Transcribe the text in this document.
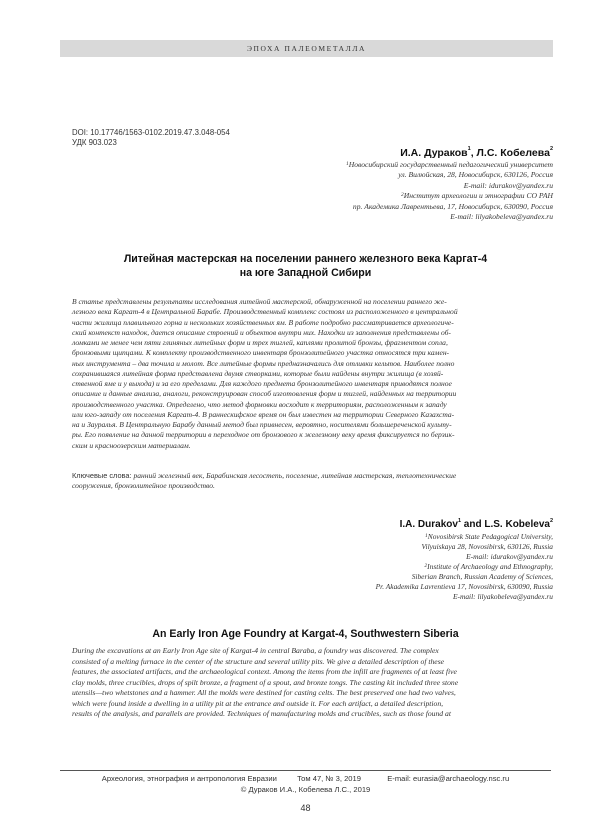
ЭПОХА ПАЛЕОМЕТАЛЛА
DOI: 10.17746/1563-0102.2019.47.3.048-054
УДК 903.023
И.А. Дураков$^1$, Л.С. Кобелева$^2$
$^1$Новосибирский государственный педагогический университет
ул. Вилюйская, 28, Новосибирск, 630126, Россия
E-mail: idurakov@yandex.ru
$^2$Институт археологии и этнографии СО РАН
пр. Академика Лаврентьева, 17, Новосибирск, 630090, Россия
E-mail: lilyakobeleva@yandex.ru
Литейная мастерская на поселении раннего железного века Каргат-4
на юге Западной Сибири
В статье представлены результаты исследования литейной мастерской, обнаруженной на поселении раннего же-
лезного века Каргат-4 в Центральной Барабе. Производственный комплекс состоял из расположенного в центральной
части жилища плавильного горна и нескольких хозяйственных ям. В работе подробно рассматривается археологиче-
ский контекст находок, дается описание строений и объектов внутри них. Находки из заполнения представлены об-
ломками не менее чем пяти глиняных литейных форм и трех тиглей, каплями пролитой бронзы, фрагментом сопла,
бронзовыми щипцами. К комплекту производственного инвентаря бронзолитейного участка относятся три камен-
ных инструмента – два точила и молот. Все литейные формы предназначались для отливки кельтов. Наиболее полно
сохранившаяся литейная форма представлена двумя створками, которые были найдены внутри жилища (в хозяй-
ственной яме и у выхода) и за его пределами. Для каждого предмета бронзолитейного инвентаря приводятся полное
описание и данные анализа, аналоги, реконструирован способ изготовления форм и тиглей, найденных на территории
производственного участка. Определено, что метод формовки восходит к территориям, расположенным к западу
или юго-западу от поселения Каргат-4. В раннескифское время он был известен на территории Северного Казахста-
на и Зауралья. В Центральную Барабу данный метод был привнесен, вероятно, носителями большереченской культу-
ры. Его появление на данной территории в переходное от бронзового к железному веку время фиксируется по берзик-
ским и красноозерским материалам.
Ключевые слова: ранний железный век, Барабинская лесостепь, поселение, литейная мастерская, теплотехнические
сооружения, бронзолитейное производство.
I.A. Durakov$^1$ and L.S. Kobeleva$^2$
$^1$Novosibirsk State Pedagogical University,
Vilyuiskaya 28, Novosibirsk, 630126, Russia
E-mail: idurakov@yandex.ru
$^2$Institute of Archaeology and Ethnography,
Siberian Branch, Russian Academy of Sciences,
Pr. Akademika Lavrentieva 17, Novosibirsk, 630090, Russia
E-mail: lilyakobeleva@yandex.ru
An Early Iron Age Foundry at Kargat-4, Southwestern Siberia
During the excavations at an Early Iron Age site of Kargat-4 in central Baraba, a foundry was discovered. The complex
consisted of a melting furnace in the center of the structure and several utility pits. We give a detailed description of these
features, the associated artifacts, and the archaeological context. Among the items from the infill are fragments of at least five
clay molds, three crucibles, drops of spilt bronze, a fragment of a spout, and bronze tongs. The casting kit included three stone
utensils—two whetstones and a hammer. All the molds were destined for casting celts. The best preserved one had two valves,
which were found inside a dwelling in a utility pit at the entrance and outside it. For each artifact, a detailed description,
results of the analysis, and parallels are provided. Techniques of manufacturing molds and crucibles, such as those found at
Археология, этнография и антропология Евразии	Том 47, № 3, 2019	E-mail: eurasia@archaeology.nsc.ru
© Дураков И.А., Кобелева Л.С., 2019
48
